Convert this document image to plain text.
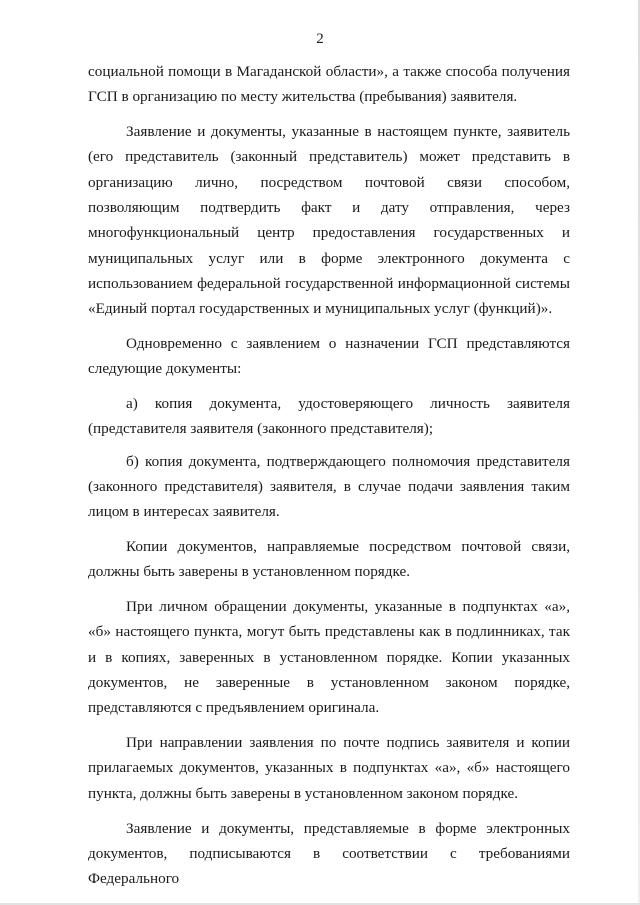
2

социальной помощи в Магаданской области», а также способа получения ГСП в организацию по месту жительства (пребывания) заявителя.

Заявление и документы, указанные в настоящем пункте, заявитель (его представитель (законный представитель) может представить в организацию лично, посредством почтовой связи способом, позволяющим подтвердить факт и дату отправления, через многофункциональный центр предоставления государственных и муниципальных услуг или в форме электронного документа с использованием федеральной государственной информационной системы «Единый портал государственных и муниципальных услуг (функций)».

Одновременно с заявлением о назначении ГСП представляются следующие документы:

а) копия документа, удостоверяющего личность заявителя (представителя заявителя (законного представителя);

б) копия документа, подтверждающего полномочия представителя (законного представителя) заявителя, в случае подачи заявления таким лицом в интересах заявителя.

Копии документов, направляемые посредством почтовой связи, должны быть заверены в установленном порядке.

При личном обращении документы, указанные в подпунктах «а», «б» настоящего пункта, могут быть представлены как в подлинниках, так и в копиях, заверенных в установленном порядке. Копии указанных документов, не заверенные в установленном законом порядке, представляются с предъявлением оригинала.

При направлении заявления по почте подпись заявителя и копии прилагаемых документов, указанных в подпунктах «а», «б» настоящего пункта, должны быть заверены в установленном законом порядке.

Заявление и документы, представляемые в форме электронных документов, подписываются в соответствии с требованиями Федерального
